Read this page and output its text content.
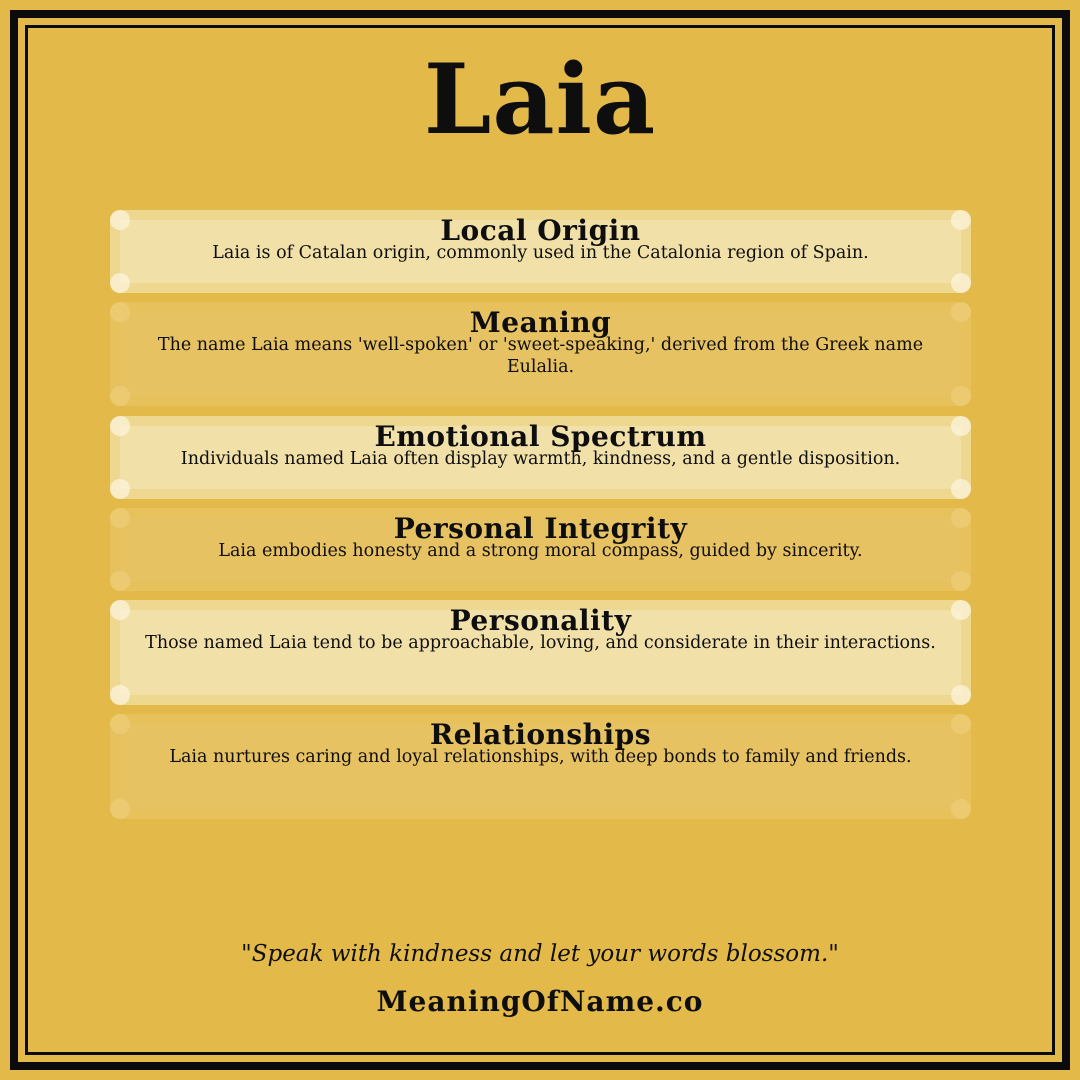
Laia
Local Origin
Laia is of Catalan origin, commonly used in the Catalonia region of Spain.
Meaning
The name Laia means 'well-spoken' or 'sweet-speaking,' derived from the Greek name Eulalia.
Emotional Spectrum
Individuals named Laia often display warmth, kindness, and a gentle disposition.
Personal Integrity
Laia embodies honesty and a strong moral compass, guided by sincerity.
Personality
Those named Laia tend to be approachable, loving, and considerate in their interactions.
Relationships
Laia nurtures caring and loyal relationships, with deep bonds to family and friends.
"Speak with kindness and let your words blossom."
MeaningOfName.co
